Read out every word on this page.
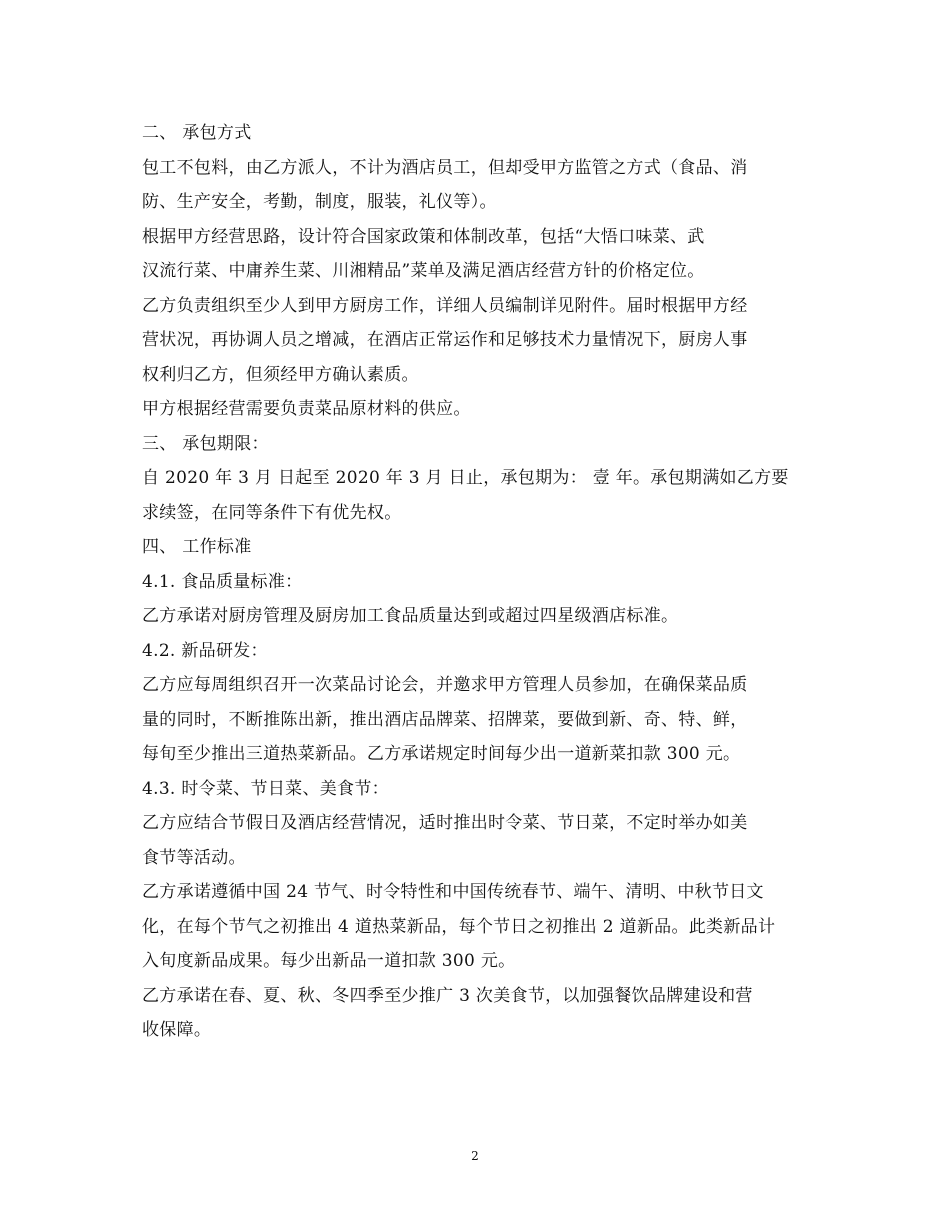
二、 承包方式
包工不包料，由乙方派人，不计为酒店员工，但却受甲方监管之方式（食品、消
防、生产安全，考勤，制度，服装，礼仪等）。
根据甲方经营思路，设计符合国家政策和体制改革，包括“大悟口味菜、武
汉流行菜、中庸养生菜、川湘精品”菜单及满足酒店经营方针的价格定位。
乙方负责组织至少人到甲方厨房工作，详细人员编制详见附件。届时根据甲方经
营状况，再协调人员之增减，在酒店正常运作和足够技术力量情况下，厨房人事
权利归乙方，但须经甲方确认素质。
甲方根据经营需要负责菜品原材料的供应。
三、 承包期限：
自 2020 年 3 月 日起至 2020 年 3 月 日止，承包期为： 壹 年。承包期满如乙方要
求续签，在同等条件下有优先权。
四、 工作标准
4.1. 食品质量标准：
乙方承诺对厨房管理及厨房加工食品质量达到或超过四星级酒店标准。
4.2. 新品研发：
乙方应每周组织召开一次菜品讨论会，并邀求甲方管理人员参加，在确保菜品质
量的同时，不断推陈出新，推出酒店品牌菜、招牌菜，要做到新、奇、特、鲜，
每旬至少推出三道热菜新品。乙方承诺规定时间每少出一道新菜扣款 300 元。
4.3. 时令菜、节日菜、美食节：
乙方应结合节假日及酒店经营情况，适时推出时令菜、节日菜，不定时举办如美
食节等活动。
乙方承诺遵循中国 24 节气、时令特性和中国传统春节、端午、清明、中秋节日文
化，在每个节气之初推出 4 道热菜新品，每个节日之初推出 2 道新品。此类新品计
入旬度新品成果。每少出新品一道扣款 300 元。
乙方承诺在春、夏、秋、冬四季至少推广 3 次美食节，以加强餐饮品牌建设和营
收保障。
2
